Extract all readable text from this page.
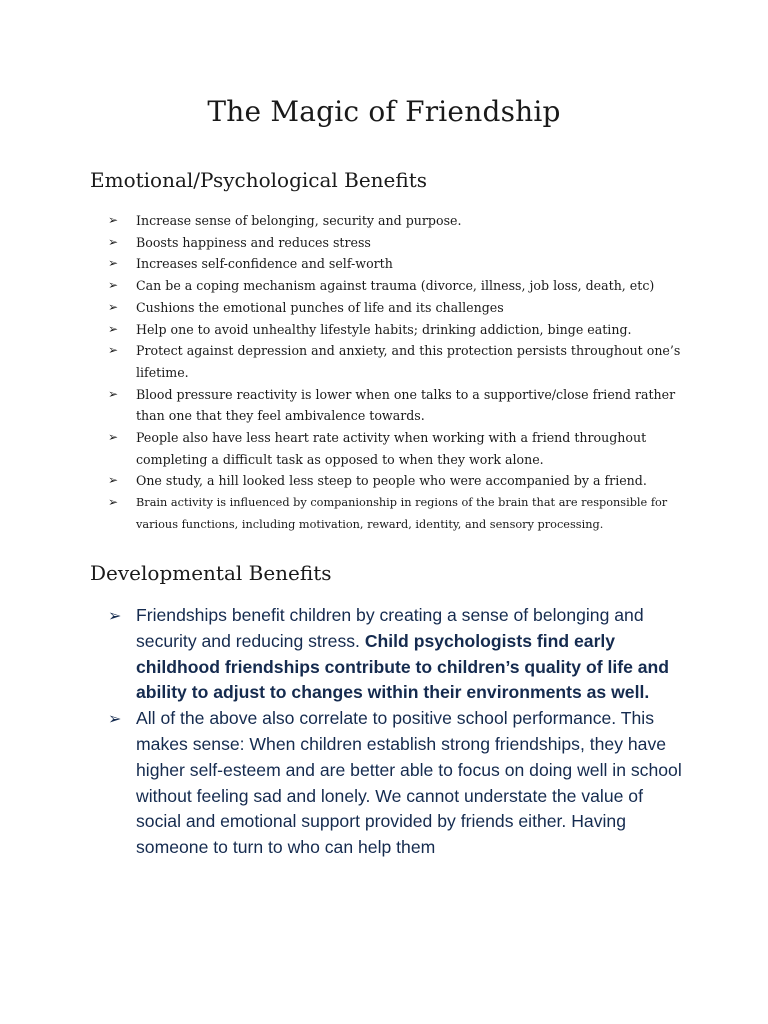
The Magic of Friendship
Emotional/Psychological Benefits
➢ Increase sense of belonging, security and purpose.
➢ Boosts happiness and reduces stress
➢ Increases self-confidence and self-worth
➢ Can be a coping mechanism against trauma (divorce, illness, job loss, death, etc)
➢ Cushions the emotional punches of life and its challenges
➢ Help one to avoid unhealthy lifestyle habits; drinking addiction, binge eating.
➢ Protect against depression and anxiety, and this protection persists throughout one’s lifetime.
➢ Blood pressure reactivity is lower when one talks to a supportive/close friend rather than one that they feel ambivalence towards.
➢ People also have less heart rate activity when working with a friend throughout completing a difficult task as opposed to when they work alone.
➢ One study, a hill looked less steep to people who were accompanied by a friend.
➢ Brain activity is influenced by companionship in regions of the brain that are responsible for various functions, including motivation, reward, identity, and sensory processing.
Developmental Benefits
➢ Friendships benefit children by creating a sense of belonging and security and reducing stress. Child psychologists find early childhood friendships contribute to children’s quality of life and ability to adjust to changes within their environments as well.
➢ All of the above also correlate to positive school performance. This makes sense: When children establish strong friendships, they have higher self-esteem and are better able to focus on doing well in school without feeling sad and lonely. We cannot understate the value of social and emotional support provided by friends either. Having someone to turn to who can help them
